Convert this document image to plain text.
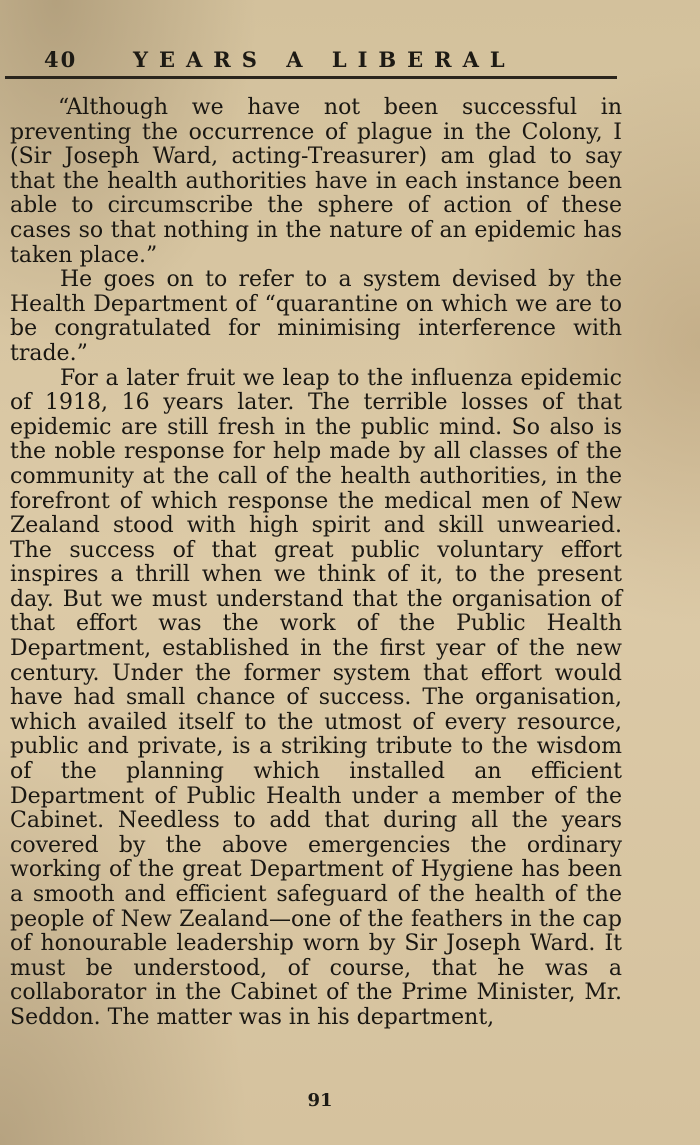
40	YEARS A LIBERAL

“Although we have not been successful in preventing the occurrence of plague in the Colony, I (Sir Joseph Ward, acting-Treasurer) am glad to say that the health authorities have in each instance been able to circumscribe the sphere of action of these cases so that nothing in the nature of an epidemic has taken place.”

He goes on to refer to a system devised by the Health Department of “quarantine on which we are to be congratulated for minimising interference with trade.”

For a later fruit we leap to the influenza epidemic of 1918, 16 years later. The terrible losses of that epidemic are still fresh in the public mind. So also is the noble response for help made by all classes of the community at the call of the health authorities, in the forefront of which response the medical men of New Zealand stood with high spirit and skill unwearied. The success of that great public voluntary effort inspires a thrill when we think of it, to the present day. But we must understand that the organisation of that effort was the work of the Public Health Department, established in the first year of the new century. Under the former system that effort would have had small chance of success. The organisation, which availed itself to the utmost of every resource, public and private, is a striking tribute to the wisdom of the planning which installed an efficient Department of Public Health under a member of the Cabinet. Needless to add that during all the years covered by the above emergencies the ordinary working of the great Department of Hygiene has been a smooth and efficient safeguard of the health of the people of New Zealand—one of the feathers in the cap of honourable leadership worn by Sir Joseph Ward. It must be understood, of course, that he was a collaborator in the Cabinet of the Prime Minister, Mr. Seddon. The matter was in his department,

91
